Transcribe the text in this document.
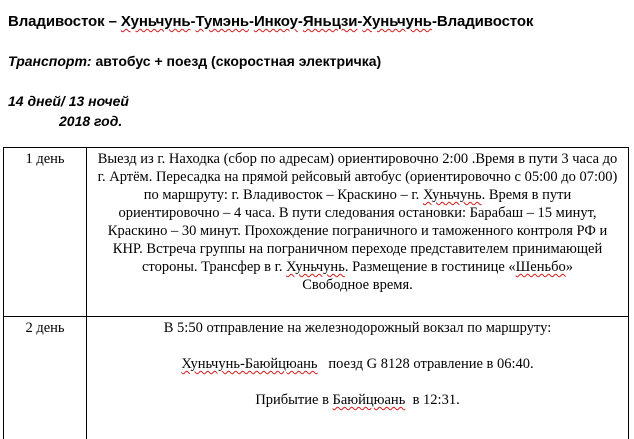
Владивосток – Хуньчунь-Тумэнь-Инкоу-Яньцзи-Хуньчунь-Владивосток
Транспорт: автобус + поезд (скоростная электричка)
14 дней/ 13 ночей
2018 год.
1 день	Выезд из г. Находка (сбор по адресам) ориентировочно 2:00 .Время в пути 3 часа до г. Артём. Пересадка на прямой рейсовый автобус (ориентировочно с 05:00 до 07:00) по маршруту: г. Владивосток – Краскино – г. Хуньчунь. Время в пути ориентировочно – 4 часа. В пути следования остановки: Барабаш – 15 минут, Краскино – 30 минут. Прохождение пограничного и таможенного контроля РФ и КНР. Встреча группы на пограничном переходе представителем принимающей стороны. Трансфер в г. Хуньчунь. Размещение в гостинице «Шеньбо»

Свободное время.

2 день	В 5:50 отправление на железнодорожный вокзал по маршруту:

Хуньчунь-Баюйцюань   поезд G 8128 отравление в 06:40.

Прибытие в Баюйцюань  в 12:31.
